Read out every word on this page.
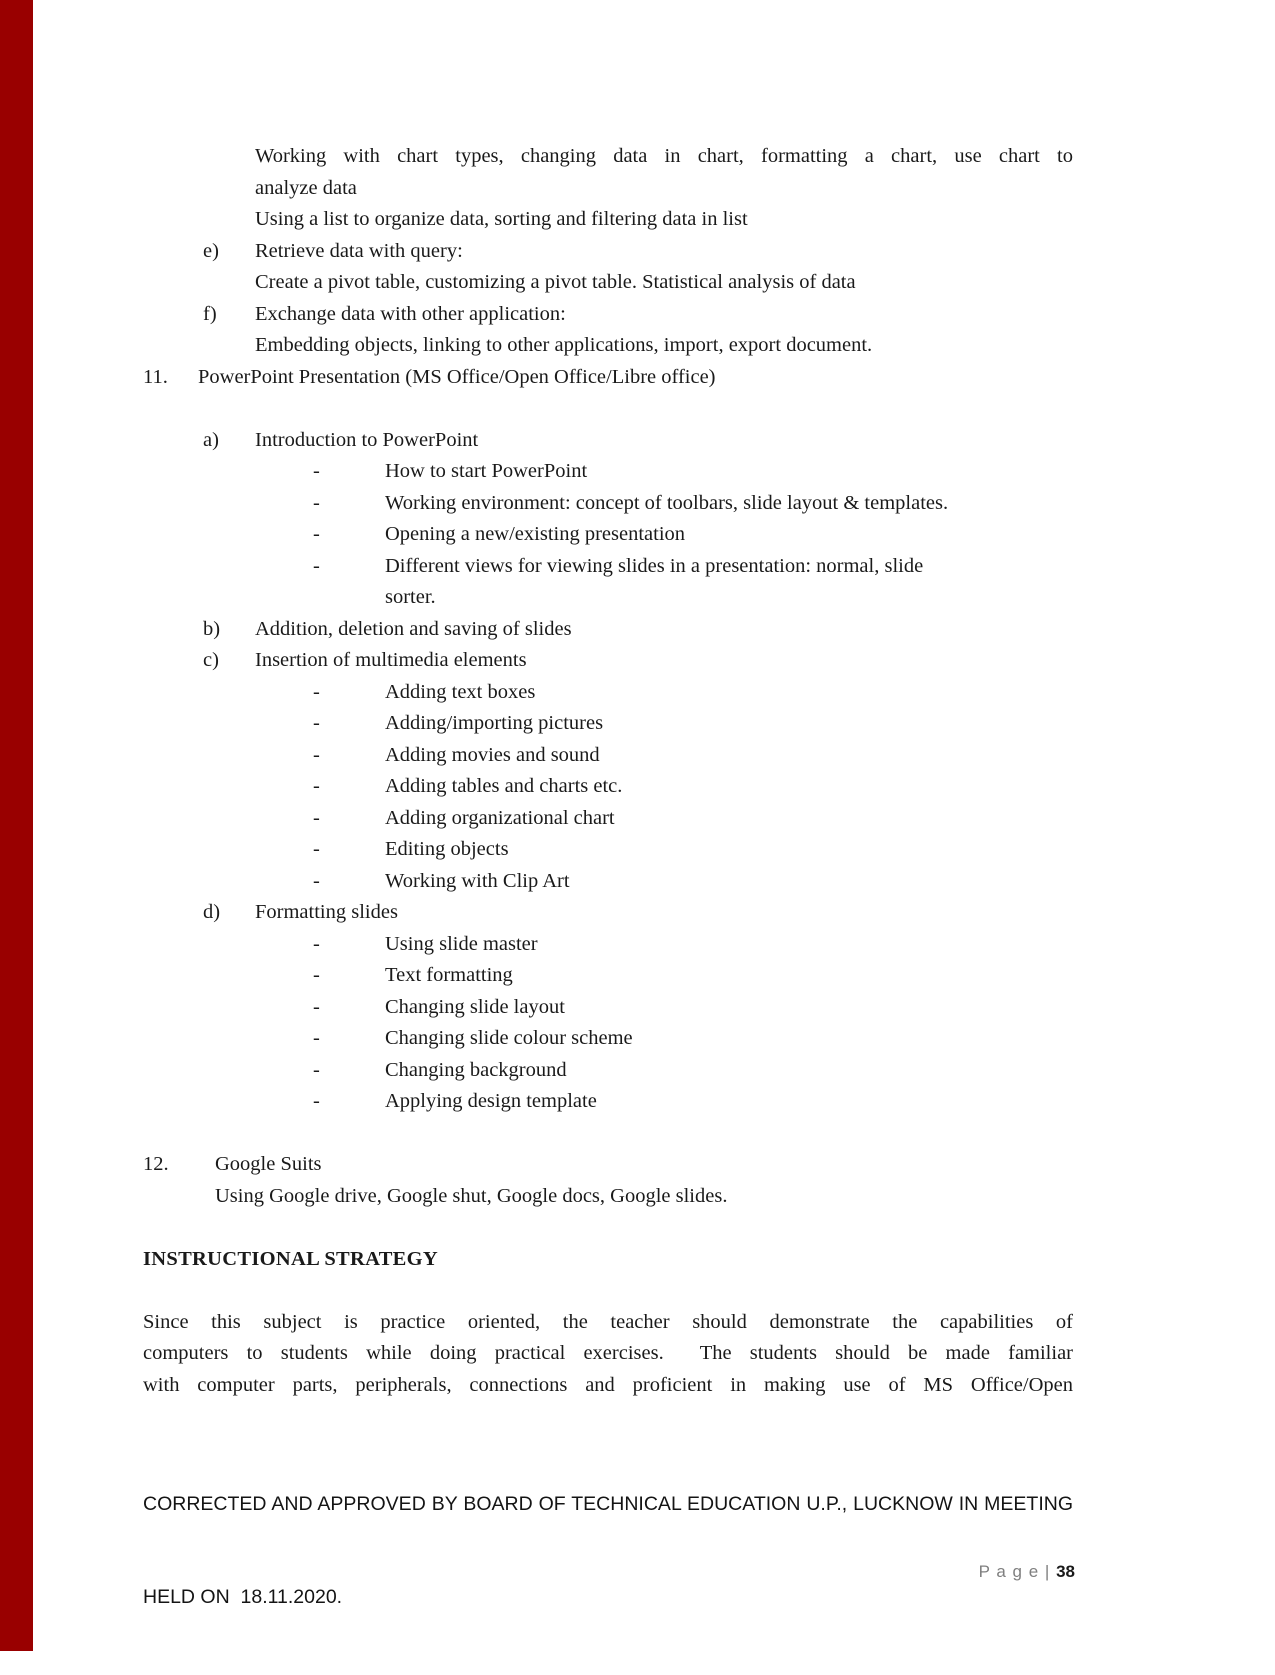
Working with chart types, changing data in chart, formatting a chart, use chart to
analyze data
Using a list to organize data, sorting and filtering data in list
e)	Retrieve data with query:
Create a pivot table, customizing a pivot table. Statistical analysis of data
f)	Exchange data with other application:
Embedding objects, linking to other applications, import, export document.
11.	PowerPoint Presentation (MS Office/Open Office/Libre office)
a)	Introduction to PowerPoint
-	How to start PowerPoint
-	Working environment: concept of toolbars, slide layout & templates.
-	Opening a new/existing presentation
-	Different views for viewing slides in a presentation: normal, slide
sorter.
b)	Addition, deletion and saving of slides
c)	Insertion of multimedia elements
-	Adding text boxes
-	Adding/importing pictures
-	Adding movies and sound
-	Adding tables and charts etc.
-	Adding organizational chart
-	Editing objects
-	Working with Clip Art
d)	Formatting slides
-	Using slide master
-	Text formatting
-	Changing slide layout
-	Changing slide colour scheme
-	Changing background
-	Applying design template
12.	Google Suits
Using Google drive, Google shut, Google docs, Google slides.
INSTRUCTIONAL STRATEGY
Since this subject is practice oriented, the teacher should demonstrate the capabilities of
computers to students while doing practical exercises.  The students should be made familiar
with computer parts, peripherals, connections and proficient in making use of MS Office/Open

CORRECTED AND APPROVED BY BOARD OF TECHNICAL EDUCATION U.P., LUCKNOW IN MEETING

HELD ON  18.11.2020.

P a g e | 38
